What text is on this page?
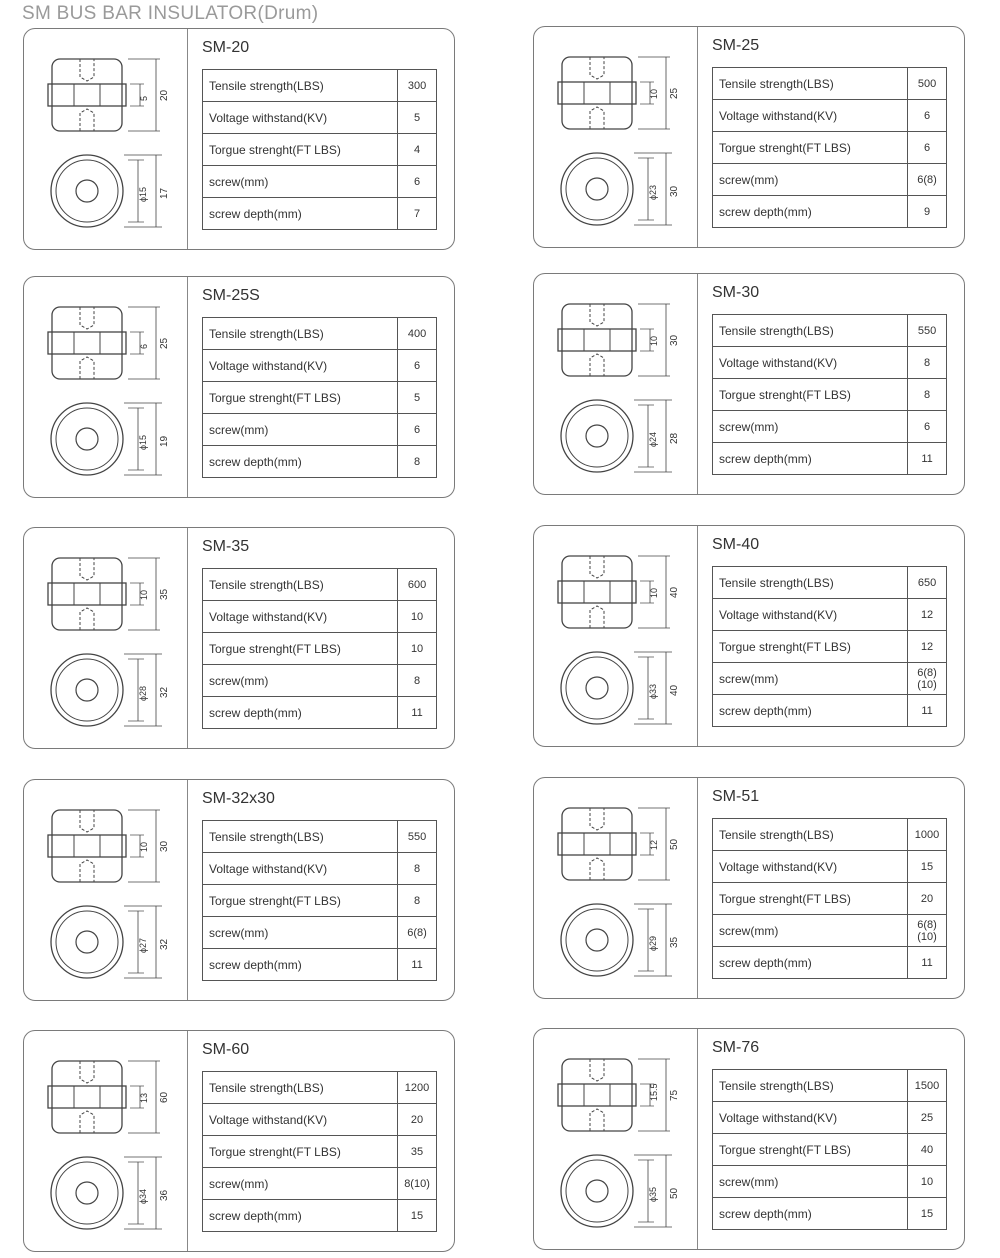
SM BUS BAR INSULATOR(Drum)
5 20
ϕ15 17
SM-20
Tensile strength(LBS)	300
Voltage withstand(KV)	5
Torgue strenght(FT LBS)	4
screw(mm)	6
screw depth(mm)	7
10 25
ϕ23 30
SM-25
Tensile strength(LBS)	500
Voltage withstand(KV)	6
Torgue strenght(FT LBS)	6
screw(mm)	6(8)
screw depth(mm)	9
6 25
ϕ15 19
SM-25S
Tensile strength(LBS)	400
Voltage withstand(KV)	6
Torgue strenght(FT LBS)	5
screw(mm)	6
screw depth(mm)	8
10 30
ϕ24 28
SM-30
Tensile strength(LBS)	550
Voltage withstand(KV)	8
Torgue strenght(FT LBS)	8
screw(mm)	6
screw depth(mm)	11
10 35
ϕ28 32
SM-35
Tensile strength(LBS)	600
Voltage withstand(KV)	10
Torgue strenght(FT LBS)	10
screw(mm)	8
screw depth(mm)	11
10 40
ϕ33 40
SM-40
Tensile strength(LBS)	650
Voltage withstand(KV)	12
Torgue strenght(FT LBS)	12
screw(mm)	6(8)(10)
screw depth(mm)	11
10 30
ϕ27 32
SM-32x30
Tensile strength(LBS)	550
Voltage withstand(KV)	8
Torgue strenght(FT LBS)	8
screw(mm)	6(8)
screw depth(mm)	11
12 50
ϕ29 35
SM-51
Tensile strength(LBS)	1000
Voltage withstand(KV)	15
Torgue strenght(FT LBS)	20
screw(mm)	6(8)(10)
screw depth(mm)	11
13 60
ϕ34 36
SM-60
Tensile strength(LBS)	1200
Voltage withstand(KV)	20
Torgue strenght(FT LBS)	35
screw(mm)	8(10)
screw depth(mm)	15
15.5 75
ϕ35 50
SM-76
Tensile strength(LBS)	1500
Voltage withstand(KV)	25
Torgue strenght(FT LBS)	40
screw(mm)	10
screw depth(mm)	15
